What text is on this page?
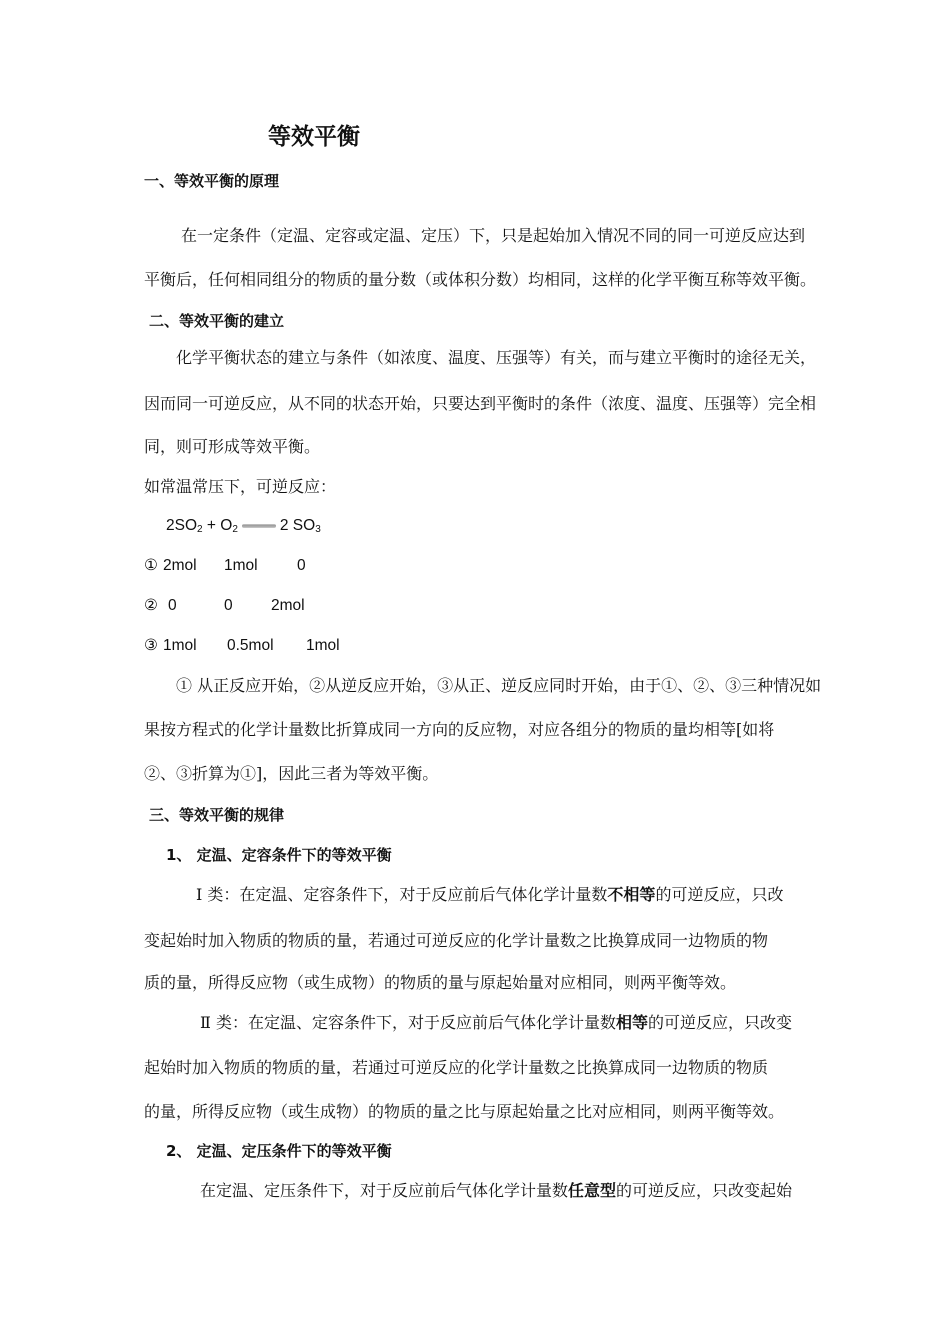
等效平衡
一、等效平衡的原理
在一定条件（定温、定容或定温、定压）下，只是起始加入情况不同的同一可逆反应达到
平衡后，任何相同组分的物质的量分数（或体积分数）均相同，这样的化学平衡互称等效平衡。
二、等效平衡的建立
化学平衡状态的建立与条件（如浓度、温度、压强等）有关，而与建立平衡时的途径无关，
因而同一可逆反应，从不同的状态开始，只要达到平衡时的条件（浓度、温度、压强等）完全相
同，则可形成等效平衡。
如常温常压下，可逆反应：
$2SO_2 + O_2$	2 $SO_3$
① 2mol 1mol	0
② 0	0 2mol
③ 1mol 0.5mol 1mol
① 从正反应开始，②从逆反应开始，③从正、逆反应同时开始，由于①、②、③三种情况如
果按方程式的化学计量数比折算成同一方向的反应物，对应各组分的物质的量均相等[如将
②、③折算为①]，因此三者为等效平衡。
三、等效平衡的规律
1、 定温、定容条件下的等效平衡
Ⅰ 类：在定温、定容条件下，对于反应前后气体化学计量数不相等的可逆反应，只改
变起始时加入物质的物质的量，若通过可逆反应的化学计量数之比换算成同一边物质的物
质的量，所得反应物（或生成物）的物质的量与原起始量对应相同，则两平衡等效。
Ⅱ 类：在定温、定容条件下，对于反应前后气体化学计量数相等的可逆反应，只改变
起始时加入物质的物质的量，若通过可逆反应的化学计量数之比换算成同一边物质的物质
的量，所得反应物（或生成物）的物质的量之比与原起始量之比对应相同，则两平衡等效。
2、 定温、定压条件下的等效平衡
在定温、定压条件下，对于反应前后气体化学计量数任意型的可逆反应，只改变起始
